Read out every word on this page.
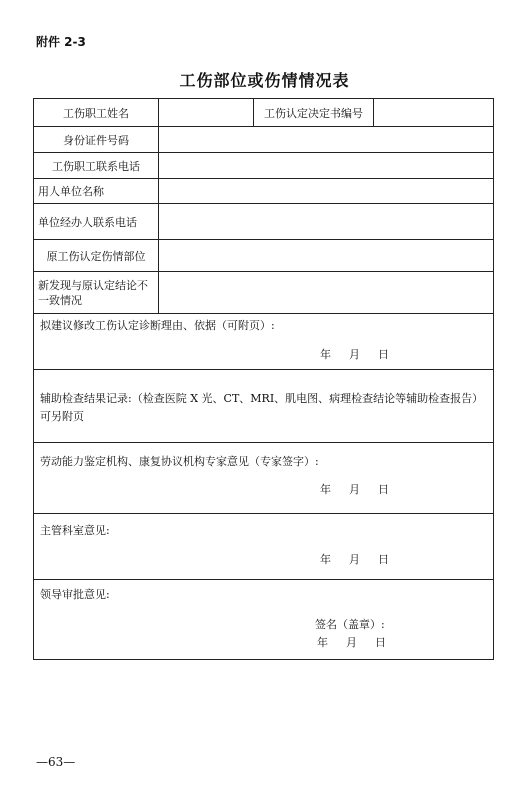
附件 2-3
工伤部位或伤情情况表
工伤职工姓名		工伤认定决定书编号	
身份证件号码			
工伤职工联系电话			
用人单位名称			
单位经办人联系电话			
原工伤认定伤情部位			
新发现与原认定结论不一致情况			

拟建议修改工伤认定诊断理由、依据（可附页）:
年 月 日			

辅助检查结果记录:（检查医院 X 光、CT、MRI、肌电图、病理检查结论等辅助检查报告）可另附页			

劳动能力鉴定机构、康复协议机构专家意见（专家签字）:
年 月 日			

主管科室意见:
年 月 日			

领导审批意见:
签名（盖章）:
年 月 日			
—63—
